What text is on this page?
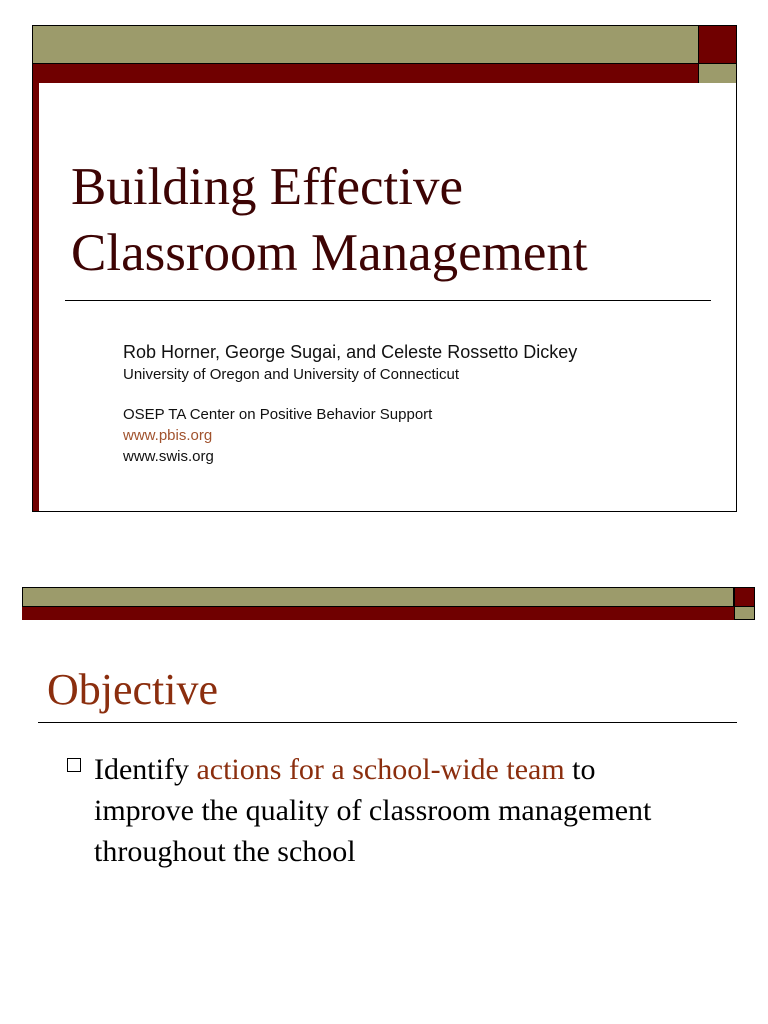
Building Effective
Classroom Management
Rob Horner, George Sugai, and Celeste Rossetto Dickey
University of Oregon and University of Connecticut
OSEP TA Center on Positive Behavior Support
www.pbis.org
www.swis.org
Objective

Identify actions for a school-wide team to improve the quality of classroom management throughout the school
